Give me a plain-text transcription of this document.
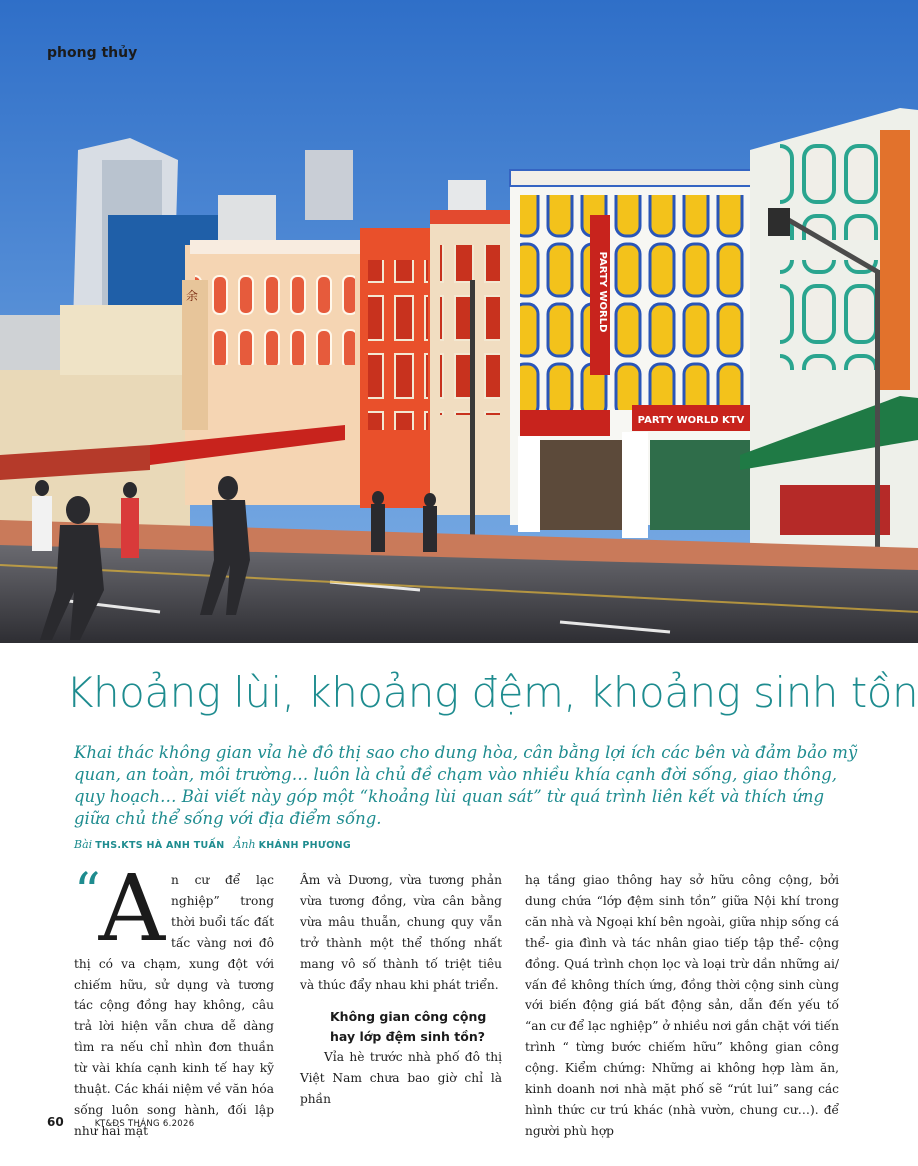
余	PARTY WORLD
PARTY WORLD KTV
phong thủy
Khoảng lùi, khoảng đệm, khoảng sinh tồn
Khai thác không gian vỉa hè đô thị sao cho dung hòa, cân bằng lợi ích các bên và đảm bảo mỹ quan, an toàn, môi trường… luôn là chủ đề chạm vào nhiều khía cạnh đời sống, giao thông, quy hoạch… Bài viết này góp một “khoảng lùi quan sát” từ quá trình liên kết và thích ứng giữa chủ thể sống với địa điểm sống.
Bài THS.KTS HÀ ANH TUẤN Ảnh KHÁNH PHƯƠNG
“
A n cư để lạc nghiệp” trong thời buổi tấc đất tấc vàng nơi đô thị có va chạm, xung đột với chiếm hữu, sử dụng và tương tác cộng đồng hay không, câu trả lời hiện vẫn chưa dễ dàng tìm ra nếu chỉ nhìn đơn thuần từ vài khía cạnh kinh tế hay kỹ thuật. Các khái niệm về văn hóa sống luôn song hành, đối lập như hai mặt

Âm và Dương, vừa tương phản vừa tương đồng, vừa cân bằng vừa mâu thuẫn, chung quy vẫn trở thành một thể thống nhất mang vô số thành tố triệt tiêu và thúc đẩy nhau khi phát triển.

Không gian công cộng hay lớp đệm sinh tồn?

Vỉa hè trước nhà phố đô thị Việt Nam chưa bao giờ chỉ là phần

hạ tầng giao thông hay sở hữu công cộng, bởi dung chứa “lớp đệm sinh tồn” giữa Nội khí trong căn nhà và Ngoại khí bên ngoài, giữa nhịp sống cá thể- gia đình và tác nhân giao tiếp tập thể- cộng đồng. Quá trình chọn lọc và loại trừ dần những ai/ vấn đề không thích ứng, đồng thời cộng sinh cùng với biến động giá bất động sản, dẫn đến yếu tố “an cư để lạc nghiệp” ở nhiều nơi gắn chặt với tiến trình “ từng bước chiếm hữu” không gian công cộng. Kiểm chứng: Những ai không hợp làm ăn, kinh doanh nơi nhà mặt phố sẽ “rút lui” sang các hình thức cư trú khác (nhà vườn, chung cư…). để người phù hợp

60	KT&ĐS THÁNG 6.2026
